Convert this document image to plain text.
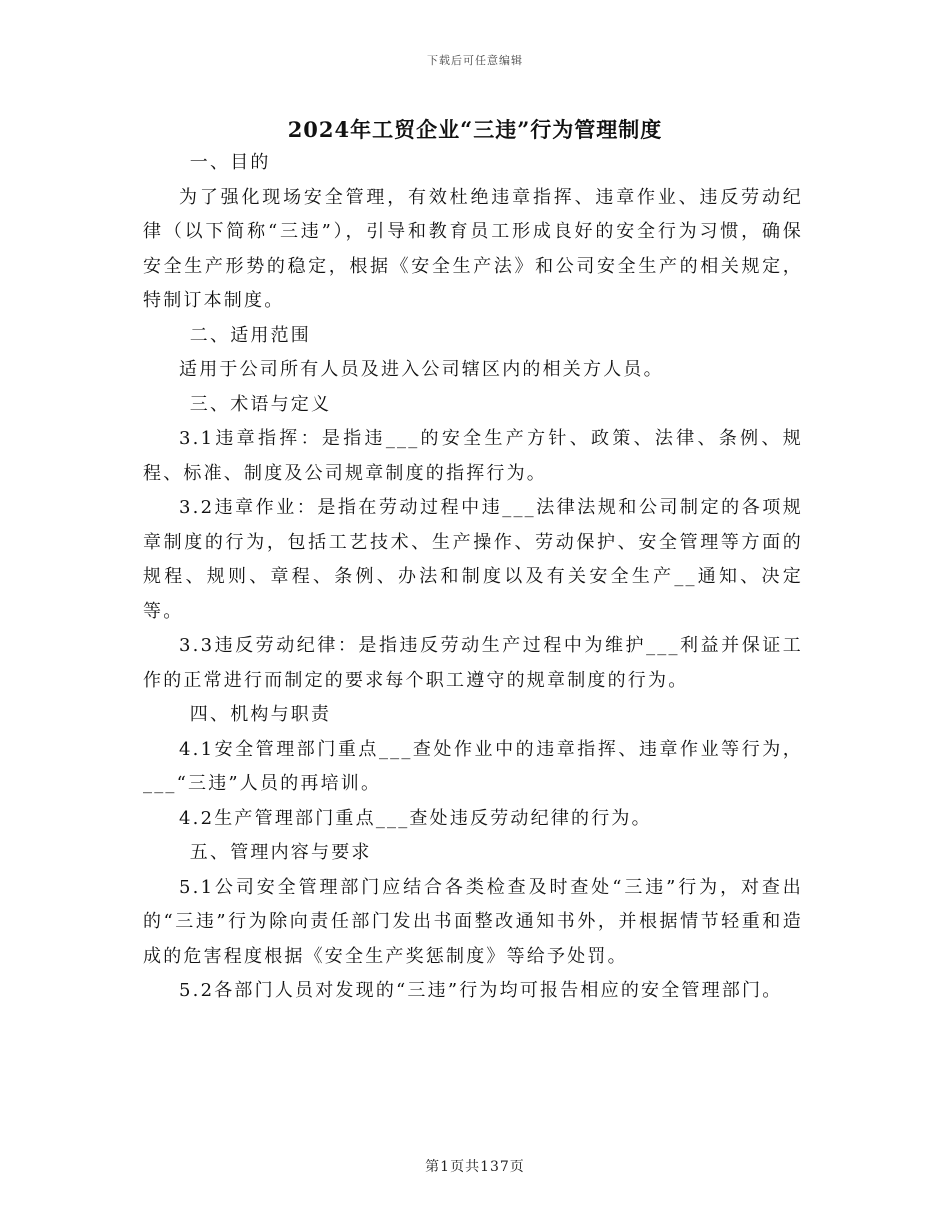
下载后可任意编辑
2024年工贸企业“三违”行为管理制度

一、目的

为了强化现场安全管理，有效杜绝违章指挥、违章作业、违反劳动纪律（以下简称“三违”），引导和教育员工形成良好的安全行为习惯，确保安全生产形势的稳定，根据《安全生产法》和公司安全生产的相关规定，特制订本制度。

二、适用范围

适用于公司所有人员及进入公司辖区内的相关方人员。

三、术语与定义

3.1违章指挥：是指违___的安全生产方针、政策、法律、条例、规程、标准、制度及公司规章制度的指挥行为。

3.2违章作业：是指在劳动过程中违___法律法规和公司制定的各项规章制度的行为，包括工艺技术、生产操作、劳动保护、安全管理等方面的规程、规则、章程、条例、办法和制度以及有关安全生产__通知、决定等。

3.3违反劳动纪律：是指违反劳动生产过程中为维护___利益并保证工作的正常进行而制定的要求每个职工遵守的规章制度的行为。

四、机构与职责

4.1安全管理部门重点___查处作业中的违章指挥、违章作业等行为，___“三违”人员的再培训。

4.2生产管理部门重点___查处违反劳动纪律的行为。

五、管理内容与要求

5.1公司安全管理部门应结合各类检查及时查处“三违”行为，对查出的“三违”行为除向责任部门发出书面整改通知书外，并根据情节轻重和造成的危害程度根据《安全生产奖惩制度》等给予处罚。

5.2各部门人员对发现的“三违”行为均可报告相应的安全管理部门。

第1页共137页
